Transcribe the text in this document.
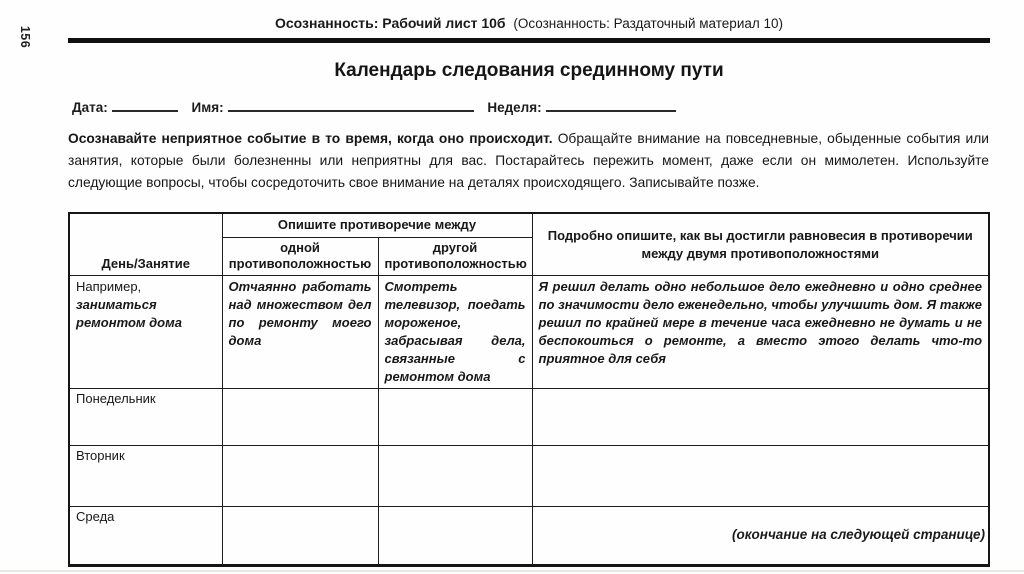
156
Осознанность: Рабочий лист 10б (Осознанность: Раздаточный материал 10)
Календарь следования срединному пути
Дата:	Имя:	Неделя:

Осознавайте неприятное событие в то время, когда оно происходит. Обращайте внимание на повседневные, обыденные события или занятия, которые были болезненны или неприятны для вас. Постарайтесь пережить момент, даже если он мимолетен. Используйте следующие вопросы, чтобы сосредоточить свое внимание на деталях происходящего. Записывайте позже.

День/Занятие	Опишите противоречие между		Подробно опишите, как вы достигли равновесия в противоречии между двумя противоположностями
	одной противоположностью	другой противоположностью	
Например, заниматься ремонтом дома	Отчаянно работать над множеством дел по ремонту моего дома	Смотреть телевизор, поедать мороженое, забрасывая дела, связанные с ремонтом дома	Я решил делать одно небольшое дело ежедневно и одно среднее по значимости дело еженедельно, чтобы улучшить дом. Я также решил по крайней мере в течение часа ежедневно не думать и не беспокоиться о ремонте, а вместо этого делать что-то приятное для себя
Понедельник			
Вторник			
Среда			
(окончание на следующей странице)
